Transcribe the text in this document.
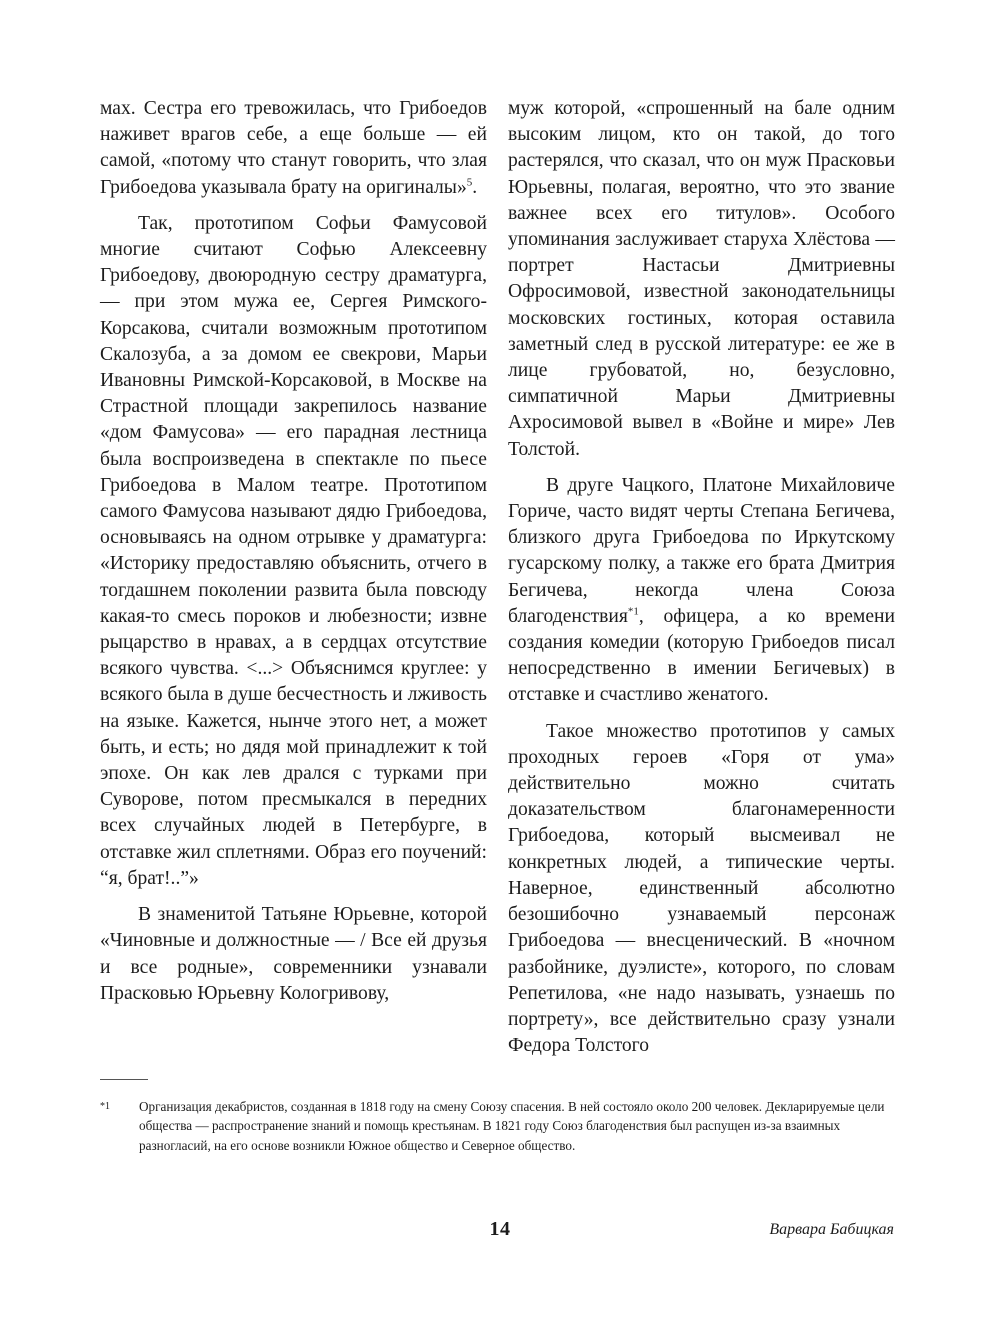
мах. Сестра его тревожилась, что Грибоедов наживет врагов себе, а еще больше — ей самой, «потому что станут говорить, что злая Грибоедова указывала брату на оригиналы»$^5$.

Так, прототипом Софьи Фамусовой многие считают Софью Алексеевну Грибоедову, двоюродную сестру драматурга, — при этом мужа ее, Сергея Римского-Корсакова, считали возможным прототипом Скалозуба, а за домом ее свекрови, Марьи Ивановны Римской-Корсаковой, в Москве на Страстной площади закрепилось название «дом Фамусова» — его парадная лестница была воспроизведена в спектакле по пьесе Грибоедова в Малом театре. Прототипом самого Фамусова называют дядю Грибоедова, основываясь на одном отрывке у драматурга: «Историку предоставляю объяснить, отчего в тогдашнем поколении развита была повсюду какая-то смесь пороков и любезности; извне рыцарство в нравах, а в сердцах отсутствие всякого чувства. <...> Объяснимся круглее: у всякого была в душе бесчестность и лживость на языке. Кажется, нынче этого нет, а может быть, и есть; но дядя мой принадлежит к той эпохе. Он как лев дрался с турками при Суворове, потом пресмыкался в передних всех случайных людей в Петербурге, в отставке жил сплетнями. Образ его поучений: “я, брат!..”»

В знаменитой Татьяне Юрьевне, которой «Чиновные и должностные — / Все ей друзья и все родные», современники узнавали Прасковью Юрьевну Кологривову,

муж которой, «спрошенный на бале одним высоким лицом, кто он такой, до того растерялся, что сказал, что он муж Прасковьи Юрьевны, полагая, вероятно, что это звание важнее всех его титулов». Особого упоминания заслуживает старуха Хлёстова — портрет Настасьи Дмитриевны Офросимовой, известной законодательницы московских гостиных, которая оставила заметный след в русской литературе: ее же в лице грубоватой, но, безусловно, симпатичной Марьи Дмитриевны Ахросимовой вывел в «Войне и мире» Лев Толстой.

В друге Чацкого, Платоне Михайловиче Гориче, часто видят черты Степана Бегичева, близкого друга Грибоедова по Иркутскому гусарскому полку, а также его брата Дмитрия Бегичева, некогда члена Союза благоденствия$^{*1}$, офицера, а ко времени создания комедии (которую Грибоедов писал непосредственно в имении Бегичевых) в отставке и счастливо женатого.

Такое множество прототипов у самых проходных героев «Горя от ума» действительно можно считать доказательством благонамеренности Грибоедова, который высмеивал не конкретных людей, а типические черты. Наверное, единственный абсолютно безошибочно узнаваемый персонаж Грибоедова — внесценический. В «ночном разбойнике, дуэлисте», которого, по словам Репетилова, «не надо называть, узнаешь по портрету», все действительно сразу узнали Федора Толстого

*1 Организация декабристов, созданная в 1818 году на смену Союзу спасения. В ней состояло около 200 человек. Декларируемые цели общества — распространение знаний и помощь крестьянам. В 1821 году Союз благоденствия был распущен из-за взаимных разногласий, на его основе возникли Южное общество и Северное общество.
14	Варвара Бабицкая
